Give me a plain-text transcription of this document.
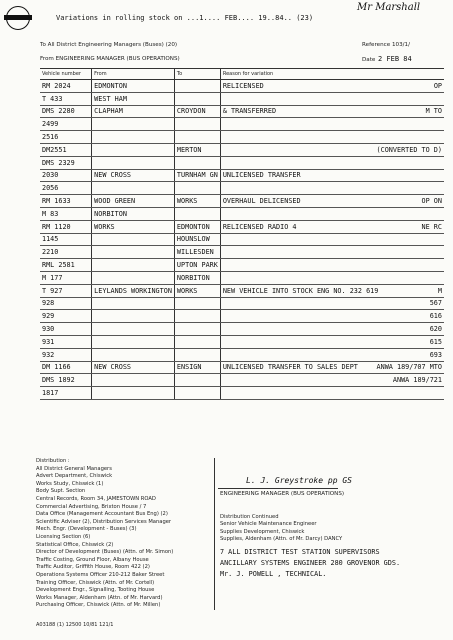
Variations in rolling stock on ...1.... FEB.... 19..84.. (23)
Mr Marshall
To All District Engineering Managers (Buses) (20)	Reference 103/1/
From ENGINEERING MANAGER (BUS OPERATIONS)	Date 2 FEB 84
Vehicle number	From	To	Reason for variation
RM 2024	EDMONTON		RELICENSED OP

T 433	WEST HAM		

DMS 2280	CLAPHAM	CROYDON	& TRANSFERRED M TO

2499			

2516			

DM2551		MERTON	(CONVERTED TO D)

DMS 2329			

2030	NEW CROSS	TURNHAM GN	UNLICENSED TRANSFER

2056			

RM 1633	WOOD GREEN	WORKS	OVERHAUL DELICENSED OP ON

M 83	NORBITON		

RM 1120	WORKS	EDMONTON	RELICENSED RADIO 4 NE RC

1145		HOUNSLOW	

2210		WILLESDEN	

RML 2581		UPTON PARK	

M 177		NORBITON	

T 927	LEYLANDS WORKINGTON	WORKS	NEW VEHICLE INTO STOCK ENG NO. 232 619 M

928			567

929			616

930			620

931			615

932			693

DM 1166	NEW CROSS	ENSIGN	UNLICENSED TRANSFER TO SALES DEPT ANWA 189/707 MTO

DMS 1892			ANWA 189/721

1817			
Distribution :
All District General Managers
Advert Department, Chiswick
Works Study, Chiswick (1)
Body Supt. Section
Central Records, Room 34, JAMESTOWN ROAD
Commercial Advertising, Brixton House / 7
Data Office (Management Accountant Bus Eng) (2)
Scientific Adviser (2), Distribution Services Manager
Mech. Engr. (Development - Buses) (3)
Licensing Section (6)
Statistical Office, Chiswick (2)
Director of Development (Buses) (Attn. of Mr. Simon)
Traffic Costing, Ground Floor, Albany House
Traffic Auditor, Griffith House, Room 422 (2)
Operations Systems Officer 210-212 Baker Street
Training Officer, Chiswick (Attn. of Mr. Cortell)
Development Engr., Signalling, Tooting House
Works Manager, Aldenham (Attn. of Mr. Harvard)
Purchasing Officer, Chiswick (Attn. of Mr. Millen)
A03188 (1) 12500 10/81 121/1
L. J. Greystroke pp GS
ENGINEERING MANAGER (BUS OPERATIONS)
Distribution Continued
Senior Vehicle Maintenance Engineer
Supplies Development, Chiswick
Supplies, Aldenham (Attn. of Mr. Darcy) DANCY
7 ALL DISTRICT TEST STATION SUPERVISORS
ANCILLARY SYSTEMS ENGINEER 280 GROVENOR GDS.
Mr. J. POWELL , TECHNICAL.
